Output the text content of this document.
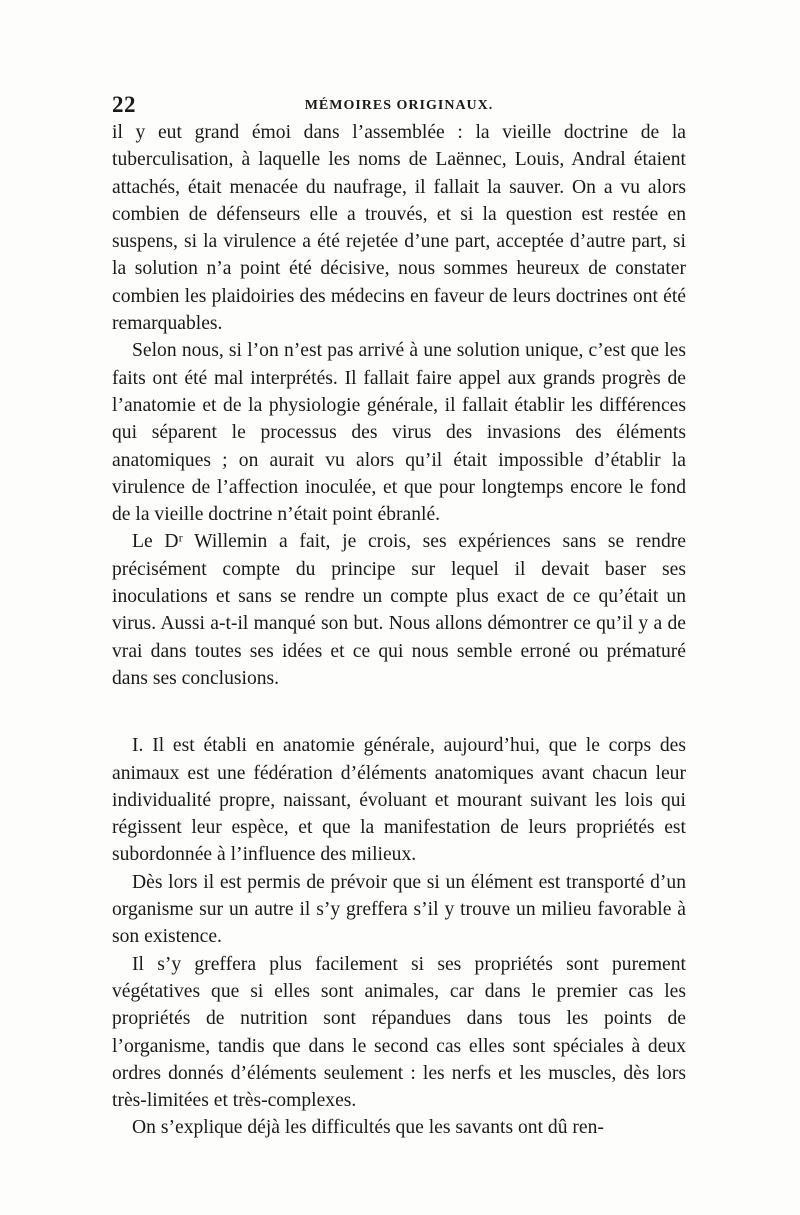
22	MÉMOIRES ORIGINAUX.

il y eut grand émoi dans l’assemblée : la vieille doctrine de la tuberculisation, à laquelle les noms de Laënnec, Louis, Andral étaient attachés, était menacée du naufrage, il fallait la sauver. On a vu alors combien de défenseurs elle a trouvés, et si la question est restée en suspens, si la virulence a été rejetée d’une part, acceptée d’autre part, si la solution n’a point été décisive, nous sommes heureux de constater combien les plaidoiries des médecins en faveur de leurs doctrines ont été remarquables.

Selon nous, si l’on n’est pas arrivé à une solution unique, c’est que les faits ont été mal interprétés. Il fallait faire appel aux grands progrès de l’anatomie et de la physiologie générale, il fallait établir les différences qui séparent le processus des virus des invasions des éléments anatomiques ; on aurait vu alors qu’il était impossible d’établir la virulence de l’affection inoculée, et que pour longtemps encore le fond de la vieille doctrine n’était point ébranlé.

Le Dʳ Willemin a fait, je crois, ses expériences sans se rendre précisément compte du principe sur lequel il devait baser ses inoculations et sans se rendre un compte plus exact de ce qu’était un virus. Aussi a-t-il manqué son but. Nous allons démontrer ce qu’il y a de vrai dans toutes ses idées et ce qui nous semble erroné ou prématuré dans ses conclusions.

I. Il est établi en anatomie générale, aujourd’hui, que le corps des animaux est une fédération d’éléments anatomiques avant chacun leur individualité propre, naissant, évoluant et mourant suivant les lois qui régissent leur espèce, et que la manifestation de leurs propriétés est subordonnée à l’influence des milieux.

Dès lors il est permis de prévoir que si un élément est transporté d’un organisme sur un autre il s’y greffera s’il y trouve un milieu favorable à son existence.

Il s’y greffera plus facilement si ses propriétés sont purement végétatives que si elles sont animales, car dans le premier cas les propriétés de nutrition sont répandues dans tous les points de l’organisme, tandis que dans le second cas elles sont spéciales à deux ordres donnés d’éléments seulement : les nerfs et les muscles, dès lors très-limitées et très-complexes.

On s’explique déjà les difficultés que les savants ont dû ren-
